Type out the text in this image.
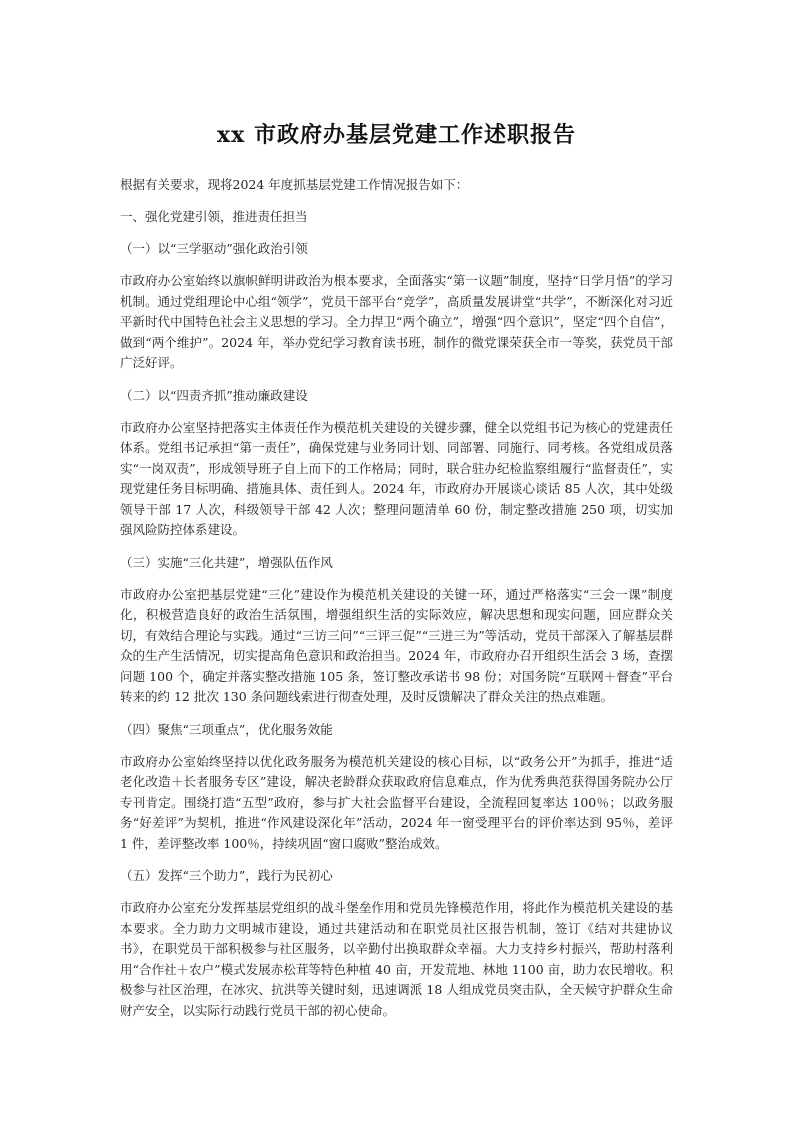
xx 市政府办基层党建工作述职报告

根据有关要求，现将2024 年度抓基层党建工作情况报告如下：

一、强化党建引领，推进责任担当

（一）以“三学驱动”强化政治引领

市政府办公室始终以旗帜鲜明讲政治为根本要求，全面落实“第一议题”制度，坚持“日学月悟”的学习机制。通过党组理论中心组“领学”，党员干部平台“竞学”，高质量发展讲堂“共学”，不断深化对习近平新时代中国特色社会主义思想的学习。全力捍卫“两个确立”，增强“四个意识”，坚定“四个自信”，做到“两个维护”。2024 年，举办党纪学习教育读书班，制作的微党课荣获全市一等奖，获党员干部广泛好评。

（二）以“四责齐抓”推动廉政建设

市政府办公室坚持把落实主体责任作为模范机关建设的关键步骤，健全以党组书记为核心的党建责任体系。党组书记承担“第一责任”，确保党建与业务同计划、同部署、同施行、同考核。各党组成员落实“一岗双责”，形成领导班子自上而下的工作格局；同时，联合驻办纪检监察组履行“监督责任”，实现党建任务目标明确、措施具体、责任到人。2024 年，市政府办开展谈心谈话 85 人次，其中处级领导干部 17 人次，科级领导干部 42 人次；整理问题清单 60 份，制定整改措施 250 项，切实加强风险防控体系建设。

（三）实施“三化共建”，增强队伍作风

市政府办公室把基层党建“三化”建设作为模范机关建设的关键一环，通过严格落实“三会一课”制度化，积极营造良好的政治生活氛围，增强组织生活的实际效应，解决思想和现实问题，回应群众关切，有效结合理论与实践。通过“三访三问”“三评三促”“三进三为”等活动，党员干部深入了解基层群众的生产生活情况，切实提高角色意识和政治担当。2024 年，市政府办召开组织生活会 3 场，查摆问题 100 个，确定并落实整改措施 105 条，签订整改承诺书 98 份；对国务院“互联网＋督查”平台转来的约 12 批次 130 条问题线索进行彻查处理，及时反馈解决了群众关注的热点难题。

（四）聚焦“三项重点”，优化服务效能

市政府办公室始终坚持以优化政务服务为模范机关建设的核心目标，以“政务公开”为抓手，推进“适老化改造＋长者服务专区”建设，解决老龄群众获取政府信息难点，作为优秀典范获得国务院办公厅专刊肯定。围绕打造“五型”政府，参与扩大社会监督平台建设，全流程回复率达 100％；以政务服务“好差评”为契机，推进“作风建设深化年”活动，2024 年一窗受理平台的评价率达到 95％，差评 1 件，差评整改率 100％，持续巩固“窗口腐败”整治成效。

（五）发挥“三个助力”，践行为民初心

市政府办公室充分发挥基层党组织的战斗堡垒作用和党员先锋模范作用，将此作为模范机关建设的基本要求。全力助力文明城市建设，通过共建活动和在职党员社区报告机制，签订《结对共建协议书》，在职党员干部积极参与社区服务，以辛勤付出换取群众幸福。大力支持乡村振兴，帮助村落利用“合作社＋农户”模式发展赤松茸等特色种植 40 亩，开发荒地、林地 1100 亩，助力农民增收。积极参与社区治理，在冰灾、抗洪等关键时刻，迅速调派 18 人组成党员突击队，全天候守护群众生命财产安全，以实际行动践行党员干部的初心使命。
